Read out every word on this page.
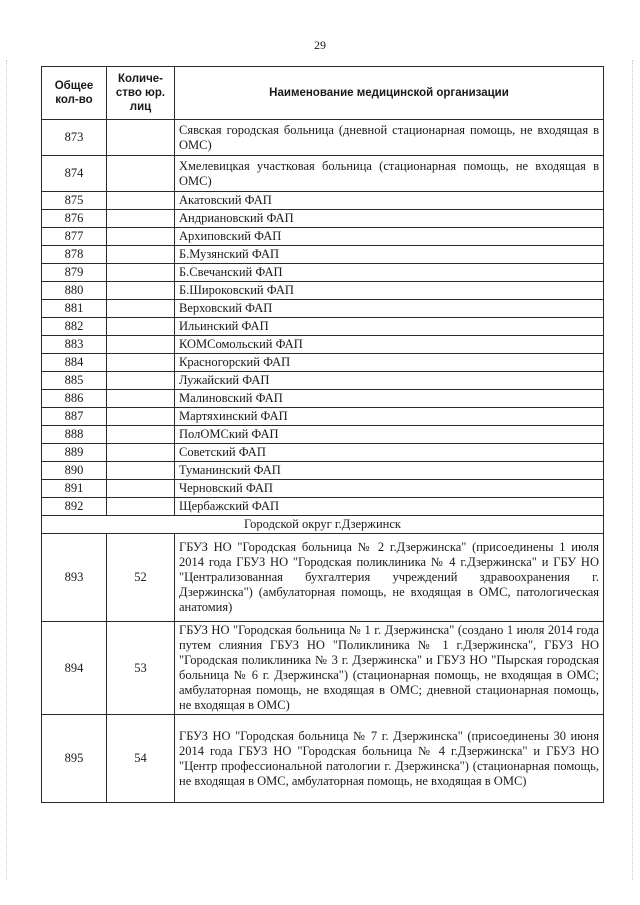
29
Общее кол-во	Количе-ство юр. лиц	Наименование медицинской организации
873		Сявская городская больница (дневной стационарная помощь, не входящая в ОМС)
874		Хмелевицкая участковая больница (стационарная помощь, не входящая в ОМС)
875		Акатовский ФАП
876		Андриановский ФАП
877		Архиповский ФАП
878		Б.Музянский ФАП
879		Б.Свечанский ФАП
880		Б.Широковский ФАП
881		Верховский ФАП
882		Ильинский ФАП
883		КОМСомольский ФАП
884		Красногорский ФАП
885		Лужайский ФАП
886		Малиновский ФАП
887		Мартяхинский ФАП
888		ПолОМСкий ФАП
889		Советский ФАП
890		Туманинский ФАП
891		Черновский ФАП
892		Щербажский ФАП
Городской округ г.Дзержинск		
893	52	ГБУЗ НО "Городская больница № 2 г.Дзержинска" (присоединены 1 июля 2014 года ГБУЗ НО "Городская поликлиника № 4 г.Дзержинска" и ГБУ НО "Централизованная бухгалтерия учреждений здравоохранения г. Дзержинска") (амбулаторная помощь, не входящая в ОМС, патологическая анатомия)
894	53	ГБУЗ НО "Городская больница № 1 г. Дзержинска" (создано 1 июля 2014 года путем слияния ГБУЗ НО "Поликлиника № 1 г.Дзержинска", ГБУЗ НО "Городская поликлиника № 3 г. Дзержинска" и ГБУЗ НО "Пырская городская больница № 6 г. Дзержинска") (стационарная помощь, не входящая в ОМС; амбулаторная помощь, не входящая в ОМС; дневной стационарная помощь, не входящая в ОМС)
895	54	ГБУЗ НО "Городская больница № 7 г. Дзержинска" (присоединены 30 июня 2014 года ГБУЗ НО "Городская больница № 4 г.Дзержинска" и ГБУЗ НО "Центр профессиональной патологии г. Дзержинска") (стационарная помощь, не входящая в ОМС, амбулаторная помощь, не входящая в ОМС)
